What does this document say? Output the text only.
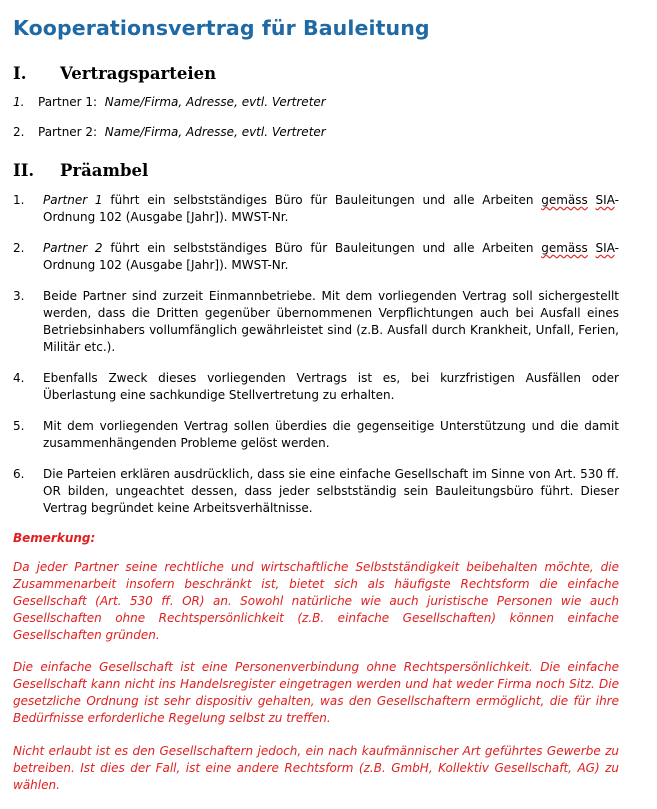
Kooperationsvertrag für Bauleitung
I. Vertragsparteien
1. Partner 1: Name/Firma, Adresse, evtl. Vertreter
2. Partner 2: Name/Firma, Adresse, evtl. Vertreter
II. Präambel
1. Partner 1 führt ein selbstständiges Büro für Bauleitungen und alle Arbeiten gemäss SIA-Ordnung 102 (Ausgabe [Jahr]). MWST-Nr.
2. Partner 2 führt ein selbstständiges Büro für Bauleitungen und alle Arbeiten gemäss SIA-Ordnung 102 (Ausgabe [Jahr]). MWST-Nr.
3. Beide Partner sind zurzeit Einmannbetriebe. Mit dem vorliegenden Vertrag soll sichergestellt werden, dass die Dritten gegenüber übernommenen Verpflichtungen auch bei Ausfall eines Betriebsinhabers vollumfänglich gewährleistet sind (z.B. Ausfall durch Krankheit, Unfall, Ferien, Militär etc.).
4. Ebenfalls Zweck dieses vorliegenden Vertrags ist es, bei kurzfristigen Ausfällen oder Überlastung eine sachkundige Stellvertretung zu erhalten.
5. Mit dem vorliegenden Vertrag sollen überdies die gegenseitige Unterstützung und die damit zusammenhängenden Probleme gelöst werden.
6. Die Parteien erklären ausdrücklich, dass sie eine einfache Gesellschaft im Sinne von Art. 530 ff. OR bilden, ungeachtet dessen, dass jeder selbstständig sein Bauleitungsbüro führt. Dieser Vertrag begründet keine Arbeitsverhältnisse.
Bemerkung:
Da jeder Partner seine rechtliche und wirtschaftliche Selbstständigkeit beibehalten möchte, die Zusammenarbeit insofern beschränkt ist, bietet sich als häufigste Rechtsform die einfache Gesellschaft (Art. 530 ff. OR) an. Sowohl natürliche wie auch juristische Personen wie auch Gesellschaften ohne Rechtspersönlichkeit (z.B. einfache Gesellschaften) können einfache Gesellschaften gründen.
Die einfache Gesellschaft ist eine Personenverbindung ohne Rechtspersönlichkeit. Die einfache Gesellschaft kann nicht ins Handelsregister eingetragen werden und hat weder Firma noch Sitz. Die gesetzliche Ordnung ist sehr dispositiv gehalten, was den Gesellschaftern ermöglicht, die für ihre Bedürfnisse erforderliche Regelung selbst zu treffen.
Nicht erlaubt ist es den Gesellschaftern jedoch, ein nach kaufmännischer Art geführtes Gewerbe zu betreiben. Ist dies der Fall, ist eine andere Rechtsform (z.B. GmbH, Kollektiv Gesellschaft, AG) zu wählen.
